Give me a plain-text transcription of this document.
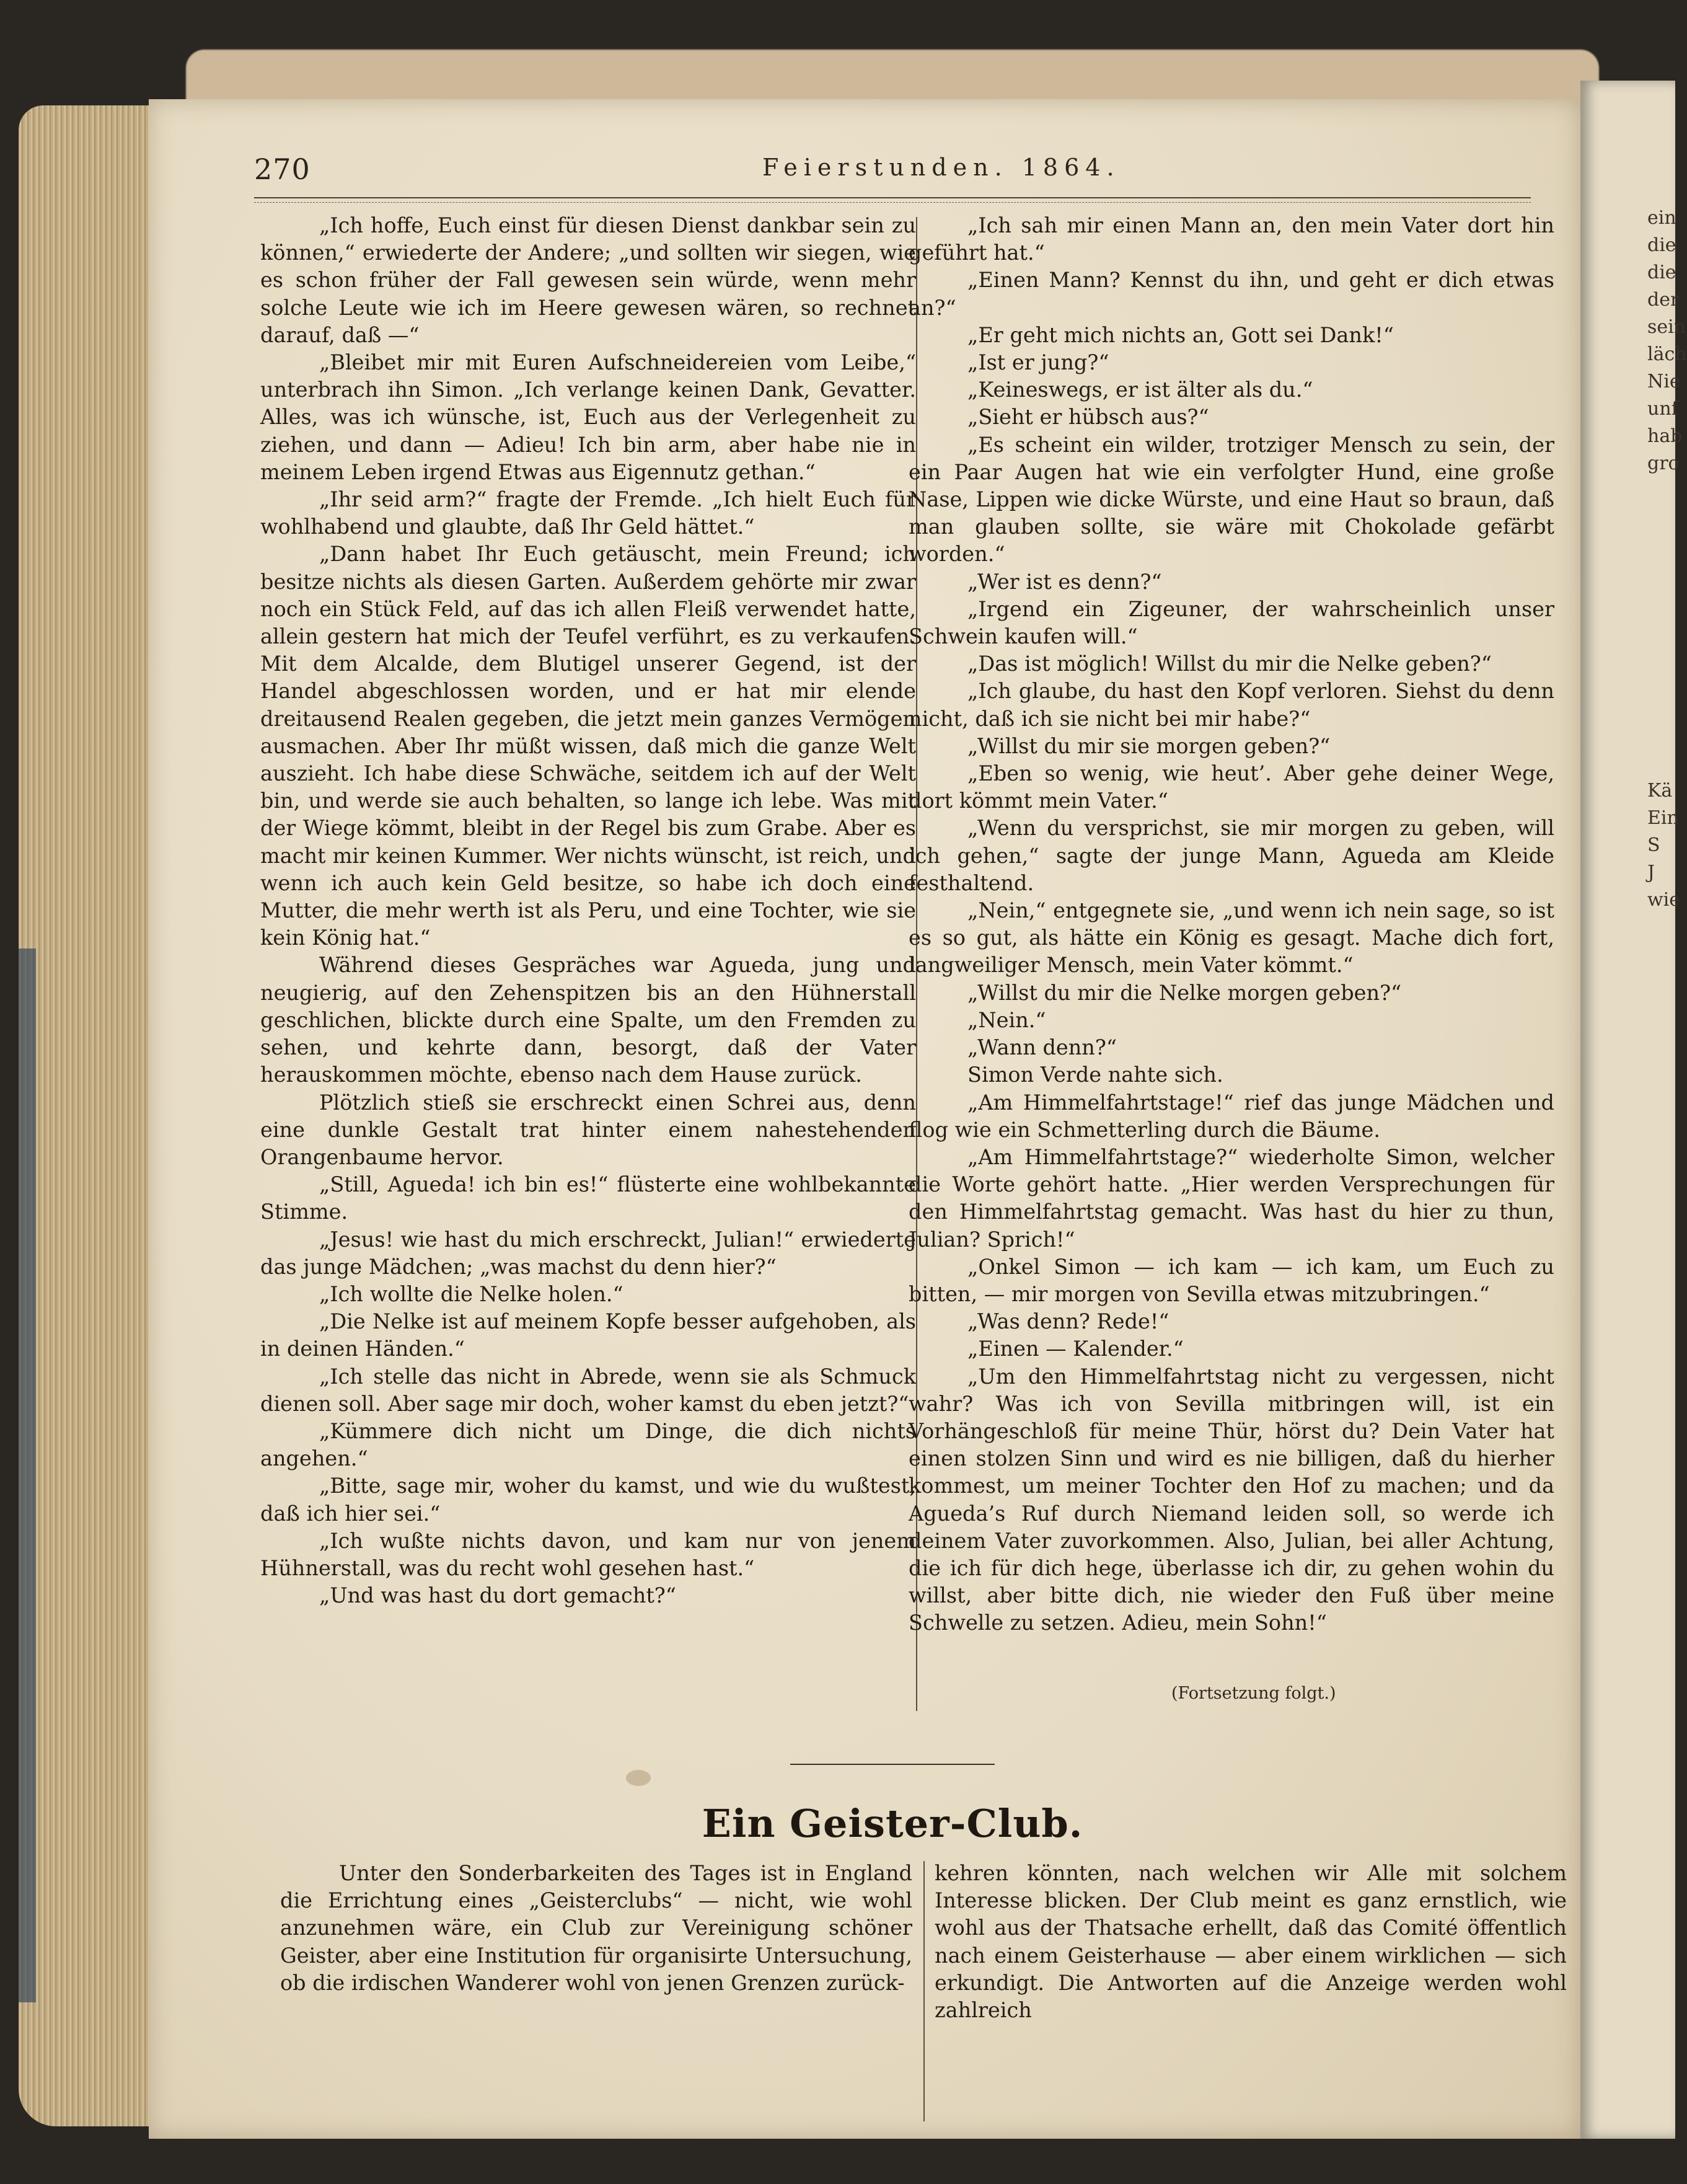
ein
die
die
der
sein
läch
Nie
unf
hab
gro

Kä
Ein
S
J
wie
270	Feierstunden. 1864.

„Ich hoffe, Euch einst für diesen Dienst dankbar sein zu können,“ erwiederte der Andere; „und sollten wir siegen, wie es schon früher der Fall gewesen sein würde, wenn mehr solche Leute wie ich im Heere gewesen wären, so rechnet darauf, daß —“

„Bleibet mir mit Euren Aufschneidereien vom Leibe,“ unterbrach ihn Simon. „Ich verlange keinen Dank, Gevatter. Alles, was ich wünsche, ist, Euch aus der Verlegenheit zu ziehen, und dann — Adieu! Ich bin arm, aber habe nie in meinem Leben irgend Etwas aus Eigennutz gethan.“

„Ihr seid arm?“ fragte der Fremde. „Ich hielt Euch für wohlhabend und glaubte, daß Ihr Geld hättet.“

„Dann habet Ihr Euch getäuscht, mein Freund; ich besitze nichts als diesen Garten. Außerdem gehörte mir zwar noch ein Stück Feld, auf das ich allen Fleiß verwendet hatte, allein gestern hat mich der Teufel verführt, es zu verkaufen. Mit dem Alcalde, dem Blutigel unserer Gegend, ist der Handel abgeschlossen worden, und er hat mir elende dreitausend Realen gegeben, die jetzt mein ganzes Vermögen ausmachen. Aber Ihr müßt wissen, daß mich die ganze Welt auszieht. Ich habe diese Schwäche, seitdem ich auf der Welt bin, und werde sie auch behalten, so lange ich lebe. Was mit der Wiege kömmt, bleibt in der Regel bis zum Grabe. Aber es macht mir keinen Kummer. Wer nichts wünscht, ist reich, und wenn ich auch kein Geld besitze, so habe ich doch eine Mutter, die mehr werth ist als Peru, und eine Tochter, wie sie kein König hat.“

Während dieses Gespräches war Agueda, jung und neugierig, auf den Zehenspitzen bis an den Hühnerstall geschlichen, blickte durch eine Spalte, um den Fremden zu sehen, und kehrte dann, besorgt, daß der Vater herauskommen möchte, ebenso nach dem Hause zurück.

Plötzlich stieß sie erschreckt einen Schrei aus, denn eine dunkle Gestalt trat hinter einem nahestehenden Orangenbaume hervor.

„Still, Agueda! ich bin es!“ flüsterte eine wohlbekannte Stimme.

„Jesus! wie hast du mich erschreckt, Julian!“ erwiederte das junge Mädchen; „was machst du denn hier?“

„Ich wollte die Nelke holen.“

„Die Nelke ist auf meinem Kopfe besser aufgehoben, als in deinen Händen.“

„Ich stelle das nicht in Abrede, wenn sie als Schmuck dienen soll. Aber sage mir doch, woher kamst du eben jetzt?“

„Kümmere dich nicht um Dinge, die dich nichts angehen.“

„Bitte, sage mir, woher du kamst, und wie du wußtest, daß ich hier sei.“

„Ich wußte nichts davon, und kam nur von jenem Hühnerstall, was du recht wohl gesehen hast.“

„Und was hast du dort gemacht?“

„Ich sah mir einen Mann an, den mein Vater dort hin geführt hat.“

„Einen Mann? Kennst du ihn, und geht er dich etwas an?“

„Er geht mich nichts an, Gott sei Dank!“

„Ist er jung?“

„Keineswegs, er ist älter als du.“

„Sieht er hübsch aus?“

„Es scheint ein wilder, trotziger Mensch zu sein, der ein Paar Augen hat wie ein verfolgter Hund, eine große Nase, Lippen wie dicke Würste, und eine Haut so braun, daß man glauben sollte, sie wäre mit Chokolade gefärbt worden.“

„Wer ist es denn?“

„Irgend ein Zigeuner, der wahrscheinlich unser Schwein kaufen will.“

„Das ist möglich! Willst du mir die Nelke geben?“

„Ich glaube, du hast den Kopf verloren. Siehst du denn nicht, daß ich sie nicht bei mir habe?“

„Willst du mir sie morgen geben?“

„Eben so wenig, wie heut’. Aber gehe deiner Wege, dort kömmt mein Vater.“

„Wenn du versprichst, sie mir morgen zu geben, will ich gehen,“ sagte der junge Mann, Agueda am Kleide festhaltend.

„Nein,“ entgegnete sie, „und wenn ich nein sage, so ist es so gut, als hätte ein König es gesagt. Mache dich fort, langweiliger Mensch, mein Vater kömmt.“

„Willst du mir die Nelke morgen geben?“

„Nein.“

„Wann denn?“

Simon Verde nahte sich.

„Am Himmelfahrtstage!“ rief das junge Mädchen und flog wie ein Schmetterling durch die Bäume.

„Am Himmelfahrtstage?“ wiederholte Simon, welcher die Worte gehört hatte. „Hier werden Versprechungen für den Himmelfahrtstag gemacht. Was hast du hier zu thun, Julian? Sprich!“

„Onkel Simon — ich kam — ich kam, um Euch zu bitten, — mir morgen von Sevilla etwas mitzubringen.“

„Was denn? Rede!“

„Einen — Kalender.“

„Um den Himmelfahrtstag nicht zu vergessen, nicht wahr? Was ich von Sevilla mitbringen will, ist ein Vorhängeschloß für meine Thür, hörst du? Dein Vater hat einen stolzen Sinn und wird es nie billigen, daß du hierher kommest, um meiner Tochter den Hof zu machen; und da Agueda’s Ruf durch Niemand leiden soll, so werde ich deinem Vater zuvorkommen. Also, Julian, bei aller Achtung, die ich für dich hege, überlasse ich dir, zu gehen wohin du willst, aber bitte dich, nie wieder den Fuß über meine Schwelle zu setzen. Adieu, mein Sohn!“

(Fortsetzung folgt.)
Ein Geister-Club.

Unter den Sonderbarkeiten des Tages ist in England die Errichtung eines „Geisterclubs“ — nicht, wie wohl anzunehmen wäre, ein Club zur Vereinigung schöner Geister, aber eine Institution für organisirte Untersuchung, ob die irdischen Wanderer wohl von jenen Grenzen zurück-

kehren könnten, nach welchen wir Alle mit solchem Interesse blicken. Der Club meint es ganz ernstlich, wie wohl aus der Thatsache erhellt, daß das Comité öffentlich nach einem Geisterhause — aber einem wirklichen — sich erkundigt. Die Antworten auf die Anzeige werden wohl zahlreich
